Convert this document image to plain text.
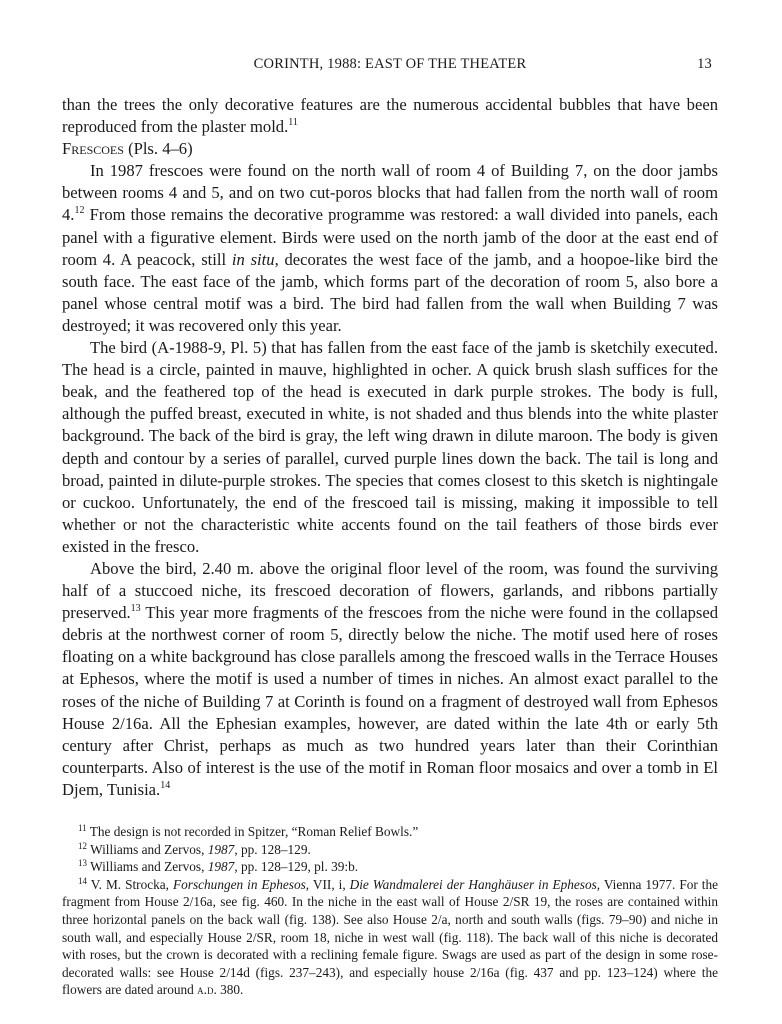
CORINTH, 1988: EAST OF THE THEATER	13

than the trees the only decorative features are the numerous accidental bubbles that have been reproduced from the plaster mold.$^{11}$

Frescoes (Pls. 4–6)

In 1987 frescoes were found on the north wall of room 4 of Building 7, on the door jambs between rooms 4 and 5, and on two cut-poros blocks that had fallen from the north wall of room 4.12 From those remains the decorative programme was restored: a wall divided into panels, each panel with a figurative element. Birds were used on the north jamb of the door at the east end of room 4. A peacock, still in situ, decorates the west face of the jamb, and a hoopoe-like bird the south face. The east face of the jamb, which forms part of the decoration of room 5, also bore a panel whose central motif was a bird. The bird had fallen from the wall when Building 7 was destroyed; it was recovered only this year.

The bird (A-1988-9, Pl. 5) that has fallen from the east face of the jamb is sketchily executed. The head is a circle, painted in mauve, highlighted in ocher. A quick brush slash suffices for the beak, and the feathered top of the head is executed in dark purple strokes. The body is full, although the puffed breast, executed in white, is not shaded and thus blends into the white plaster background. The back of the bird is gray, the left wing drawn in dilute maroon. The body is given depth and contour by a series of parallel, curved purple lines down the back. The tail is long and broad, painted in dilute-purple strokes. The species that comes closest to this sketch is nightingale or cuckoo. Unfortunately, the end of the frescoed tail is missing, making it impossible to tell whether or not the characteristic white accents found on the tail feathers of those birds ever existed in the fresco.

Above the bird, 2.40 m. above the original floor level of the room, was found the surviving half of a stuccoed niche, its frescoed decoration of flowers, garlands, and ribbons partially preserved.$^{13}$ This year more fragments of the frescoes from the niche were found in the collapsed debris at the northwest corner of room 5, directly below the niche. The motif used here of roses floating on a white background has close parallels among the frescoed walls in the Terrace Houses at Ephesos, where the motif is used a number of times in niches. An almost exact parallel to the roses of the niche of Building 7 at Corinth is found on a fragment of destroyed wall from Ephesos House 2/16a. All the Ephesian examples, however, are dated within the late 4th or early 5th century after Christ, perhaps as much as two hundred years later than their Corinthian counterparts. Also of interest is the use of the motif in Roman floor mosaics and over a tomb in El Djem, Tunisia.$^{14}$

$^{11}$ The design is not recorded in Spitzer, “Roman Relief Bowls.”

$^{12}$ Williams and Zervos, 1987, pp. 128–129.

$^{13}$ Williams and Zervos, 1987, pp. 128–129, pl. 39:b.

$^{14}$ V. M. Strocka, Forschungen in Ephesos, VII, i, Die Wandmalerei der Hanghäuser in Ephesos, Vienna 1977. For the fragment from House 2/16a, see fig. 460. In the niche in the east wall of House 2/SR 19, the roses are contained within three horizontal panels on the back wall (fig. 138). See also House 2/a, north and south walls (figs. 79–90) and niche in south wall, and especially House 2/SR, room 18, niche in west wall (fig. 118). The back wall of this niche is decorated with roses, but the crown is decorated with a reclining female figure. Swags are used as part of the design in some rose-decorated walls: see House 2/14d (figs. 237–243), and especially house 2/16a (fig. 437 and pp. 123–124) where the flowers are dated around a.d. 380.
